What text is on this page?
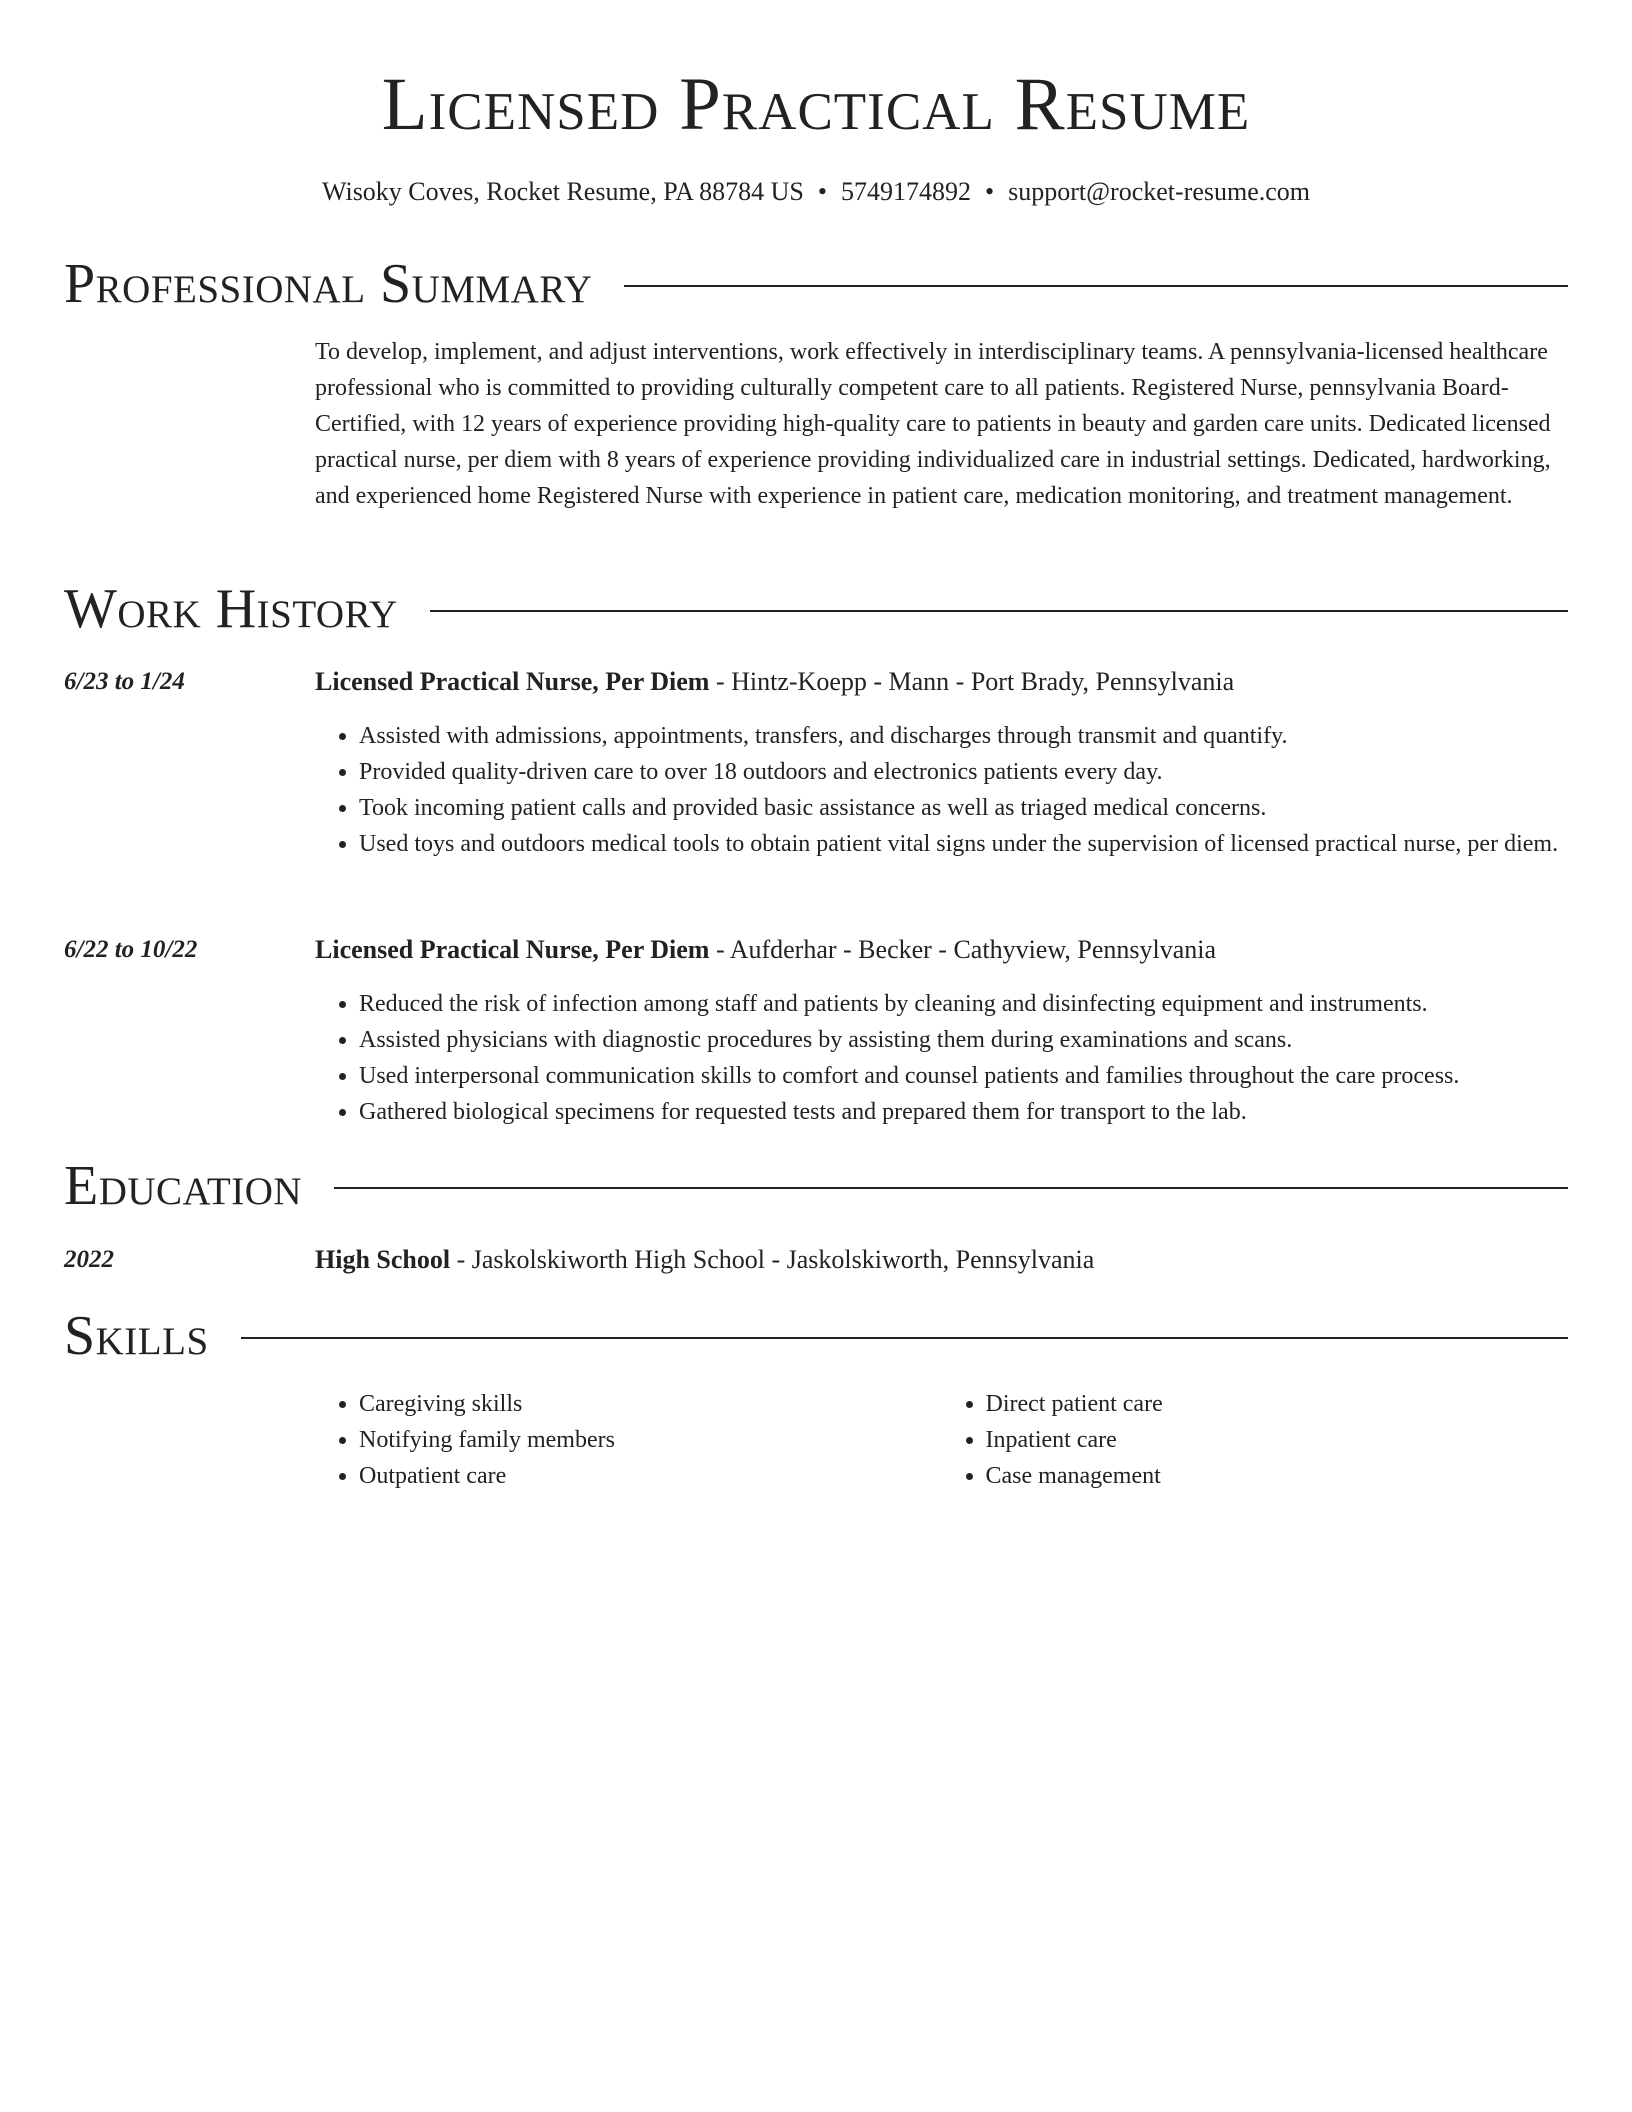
Licensed Practical Resume
Wisoky Coves, Rocket Resume, PA 88784 US • 5749174892 • support@rocket-resume.com
Professional Summary

To develop, implement, and adjust interventions, work effectively in interdisciplinary teams. A pennsylvania-licensed healthcare professional who is committed to providing culturally competent care to all patients. Registered Nurse, pennsylvania Board-Certified, with 12 years of experience providing high-quality care to patients in beauty and garden care units. Dedicated licensed practical nurse, per diem with 8 years of experience providing individualized care in industrial settings. Dedicated, hardworking, and experienced home Registered Nurse with experience in patient care, medication monitoring, and treatment management.

Work History
6/23 to 1/24	Licensed Practical Nurse, Per Diem - Hintz-Koepp - Mann - Port Brady, Pennsylvania

• Assisted with admissions, appointments, transfers, and discharges through transmit and quantify.
• Provided quality-driven care to over 18 outdoors and electronics patients every day.
• Took incoming patient calls and provided basic assistance as well as triaged medical concerns.
• Used toys and outdoors medical tools to obtain patient vital signs under the supervision of licensed practical nurse, per diem.
6/22 to 10/22	Licensed Practical Nurse, Per Diem - Aufderhar - Becker - Cathyview, Pennsylvania

• Reduced the risk of infection among staff and patients by cleaning and disinfecting equipment and instruments.
• Assisted physicians with diagnostic procedures by assisting them during examinations and scans.
• Used interpersonal communication skills to comfort and counsel patients and families throughout the care process.
• Gathered biological specimens for requested tests and prepared them for transport to the lab.
Education
2022	High School - Jaskolskiworth High School - Jaskolskiworth, Pennsylvania

Skills
• Caregiving skills
• Notifying family members
• Outpatient care
• Direct patient care
• Inpatient care
• Case management
